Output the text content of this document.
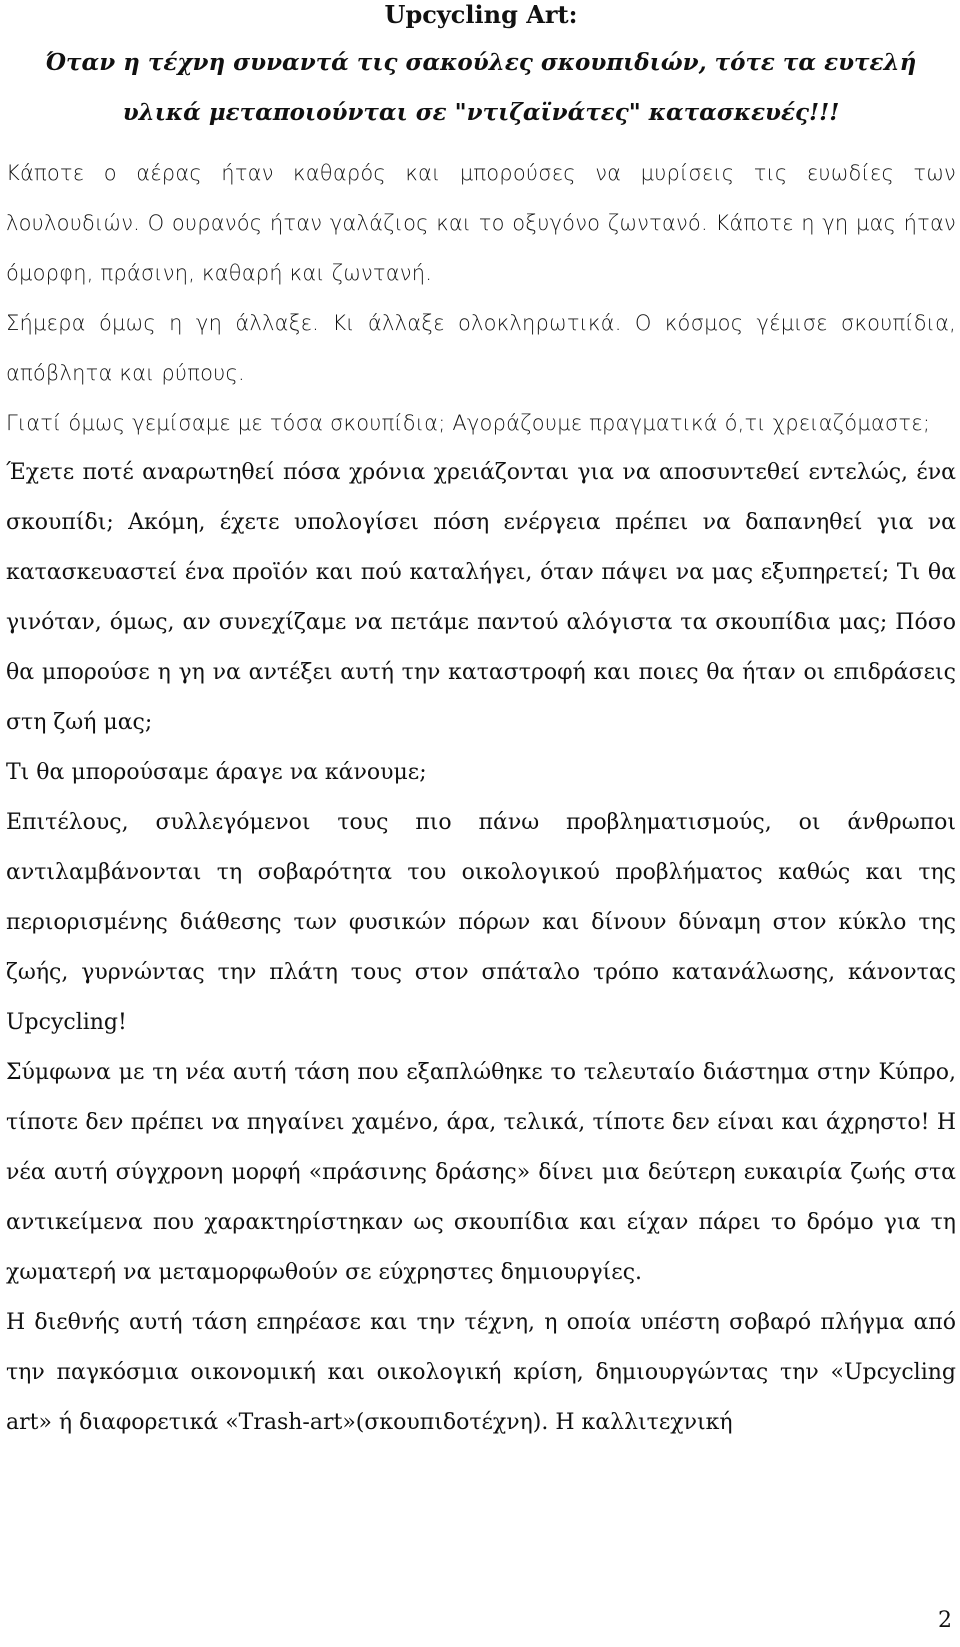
Upcycling Art:

Όταν η τέχνη συναντά τις σακούλες σκουπιδιών, τότε τα ευτελή υλικά μεταποιούνται σε "ντιζαϊνάτες" κατασκευές!!!

Κάποτε ο αέρας ήταν καθαρός και μπορούσες να μυρίσεις τις ευωδίες των λουλουδιών. Ο ουρανός ήταν γαλάζιος και το οξυγόνο ζωντανό. Κάποτε η γη μας ήταν όμορφη, πράσινη, καθαρή και ζωντανή.

Σήμερα όμως η γη άλλαξε. Κι άλλαξε ολοκληρωτικά. Ο κόσμος γέμισε σκουπίδια, απόβλητα και ρύπους.

Γιατί όμως γεμίσαμε με τόσα σκουπίδια; Αγοράζουμε πραγματικά ό,τι χρειαζόμαστε;

Έχετε ποτέ αναρωτηθεί πόσα χρόνια χρειάζονται για να αποσυντεθεί εντελώς, ένα σκουπίδι; Ακόμη, έχετε υπολογίσει πόση ενέργεια πρέπει να δαπανηθεί για να κατασκευαστεί ένα προϊόν και πού καταλήγει, όταν πάψει να μας εξυπηρετεί; Τι θα γινόταν, όμως, αν συνεχίζαμε να πετάμε παντού αλόγιστα τα σκουπίδια μας; Πόσο θα μπορούσε η γη να αντέξει αυτή την καταστροφή και ποιες θα ήταν οι επιδράσεις στη ζωή μας;

Τι θα μπορούσαμε άραγε να κάνουμε;

Επιτέλους, συλλεγόμενοι τους πιο πάνω προβληματισμούς, οι άνθρωποι αντιλαμβάνονται τη σοβαρότητα του οικολογικού προβλήματος καθώς και της περιορισμένης διάθεσης των φυσικών πόρων και δίνουν δύναμη στον κύκλο της ζωής, γυρνώντας την πλάτη τους στον σπάταλο τρόπο κατανάλωσης, κάνοντας Upcycling!

Σύμφωνα με τη νέα αυτή τάση που εξαπλώθηκε το τελευταίο διάστημα στην Κύπρο, τίποτε δεν πρέπει να πηγαίνει χαμένο, άρα, τελικά, τίποτε δεν είναι και άχρηστο! Η νέα αυτή σύγχρονη μορφή «πράσινης δράσης» δίνει μια δεύτερη ευκαιρία ζωής στα αντικείμενα που χαρακτηρίστηκαν ως σκουπίδια και είχαν πάρει το δρόμο για τη χωματερή να μεταμορφωθούν σε εύχρηστες δημιουργίες.

Η διεθνής αυτή τάση επηρέασε και την τέχνη, η οποία υπέστη σοβαρό πλήγμα από την παγκόσμια οικονομική και οικολογική κρίση, δημιουργώντας την «Upcycling art» ή διαφορετικά «Trash-art»(σκουπιδοτέχνη). Η καλλιτεχνική

2
